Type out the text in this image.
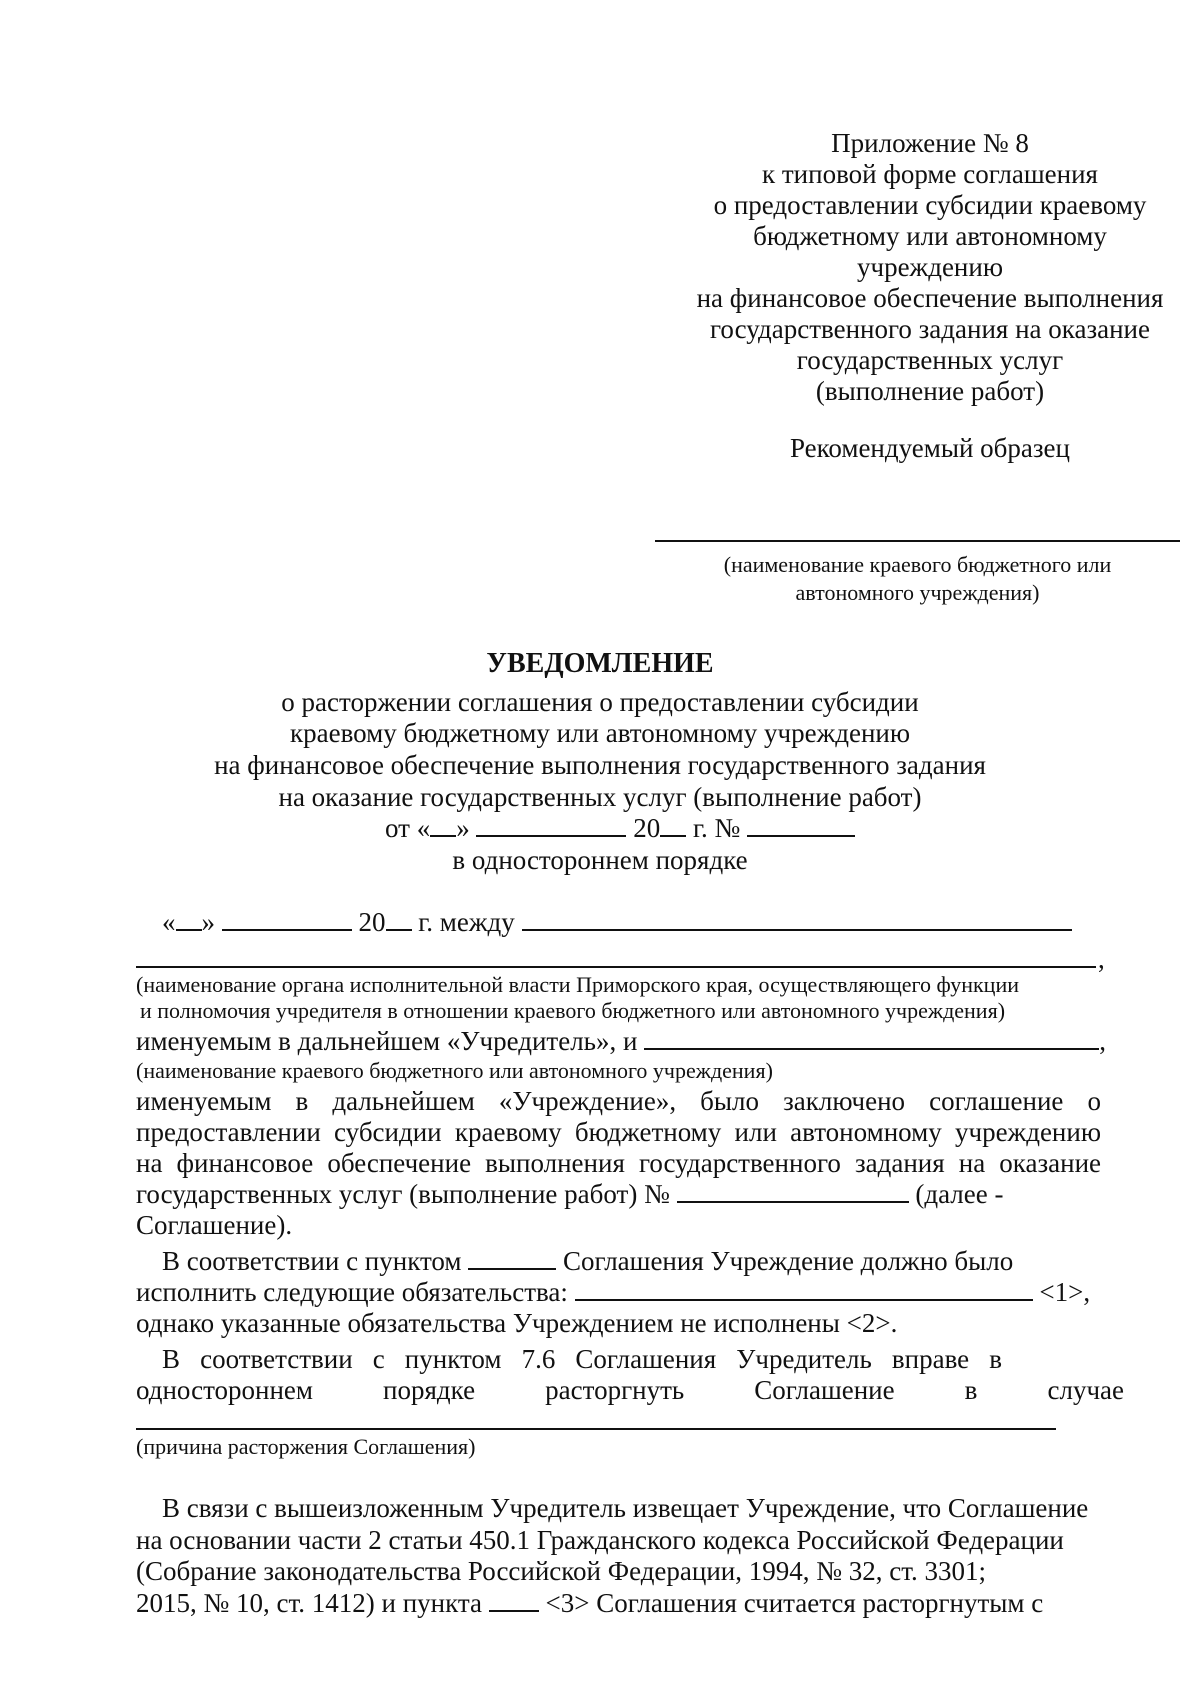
Приложение № 8
к типовой форме соглашения
о предоставлении субсидии краевому
бюджетному или автономному
учреждению
на финансовое обеспечение выполнения
государственного задания на оказание
государственных услуг
(выполнение работ)
Рекомендуемый образец
(наименование краевого бюджетного или
автономного учреждения)
УВЕДОМЛЕНИЕ
о расторжении соглашения о предоставлении субсидии
краевому бюджетному или автономному учреждению
на финансовое обеспечение выполнения государственного задания
на оказание государственных услуг (выполнение работ)
от « »	20 г. №
в одностороннем порядке
« »	20 г. между
,
(наименование органа исполнительной власти Приморского края, осуществляющего функции
и полномочия учредителя в отношении краевого бюджетного или автономного учреждения)
именуемым в дальнейшем «Учредитель», и	,
(наименование краевого бюджетного или автономного учреждения)
именуемым в дальнейшем «Учреждение», было заключено соглашение о
предоставлении субсидии краевому бюджетному или автономному учреждению
на финансовое обеспечение выполнения государственного задания на оказание
государственных услуг (выполнение работ) №	(далее -
Соглашение).
В соответствии с пунктом	Соглашения Учреждение должно было
исполнить следующие обязательства:	<1>,
однако указанные обязательства Учреждением не исполнены <2>.
В соответствии с пунктом 7.6 Соглашения Учредитель вправе в
одностороннем порядке расторгнуть Соглашение в случае
(причина расторжения Соглашения)
В связи с вышеизложенным Учредитель извещает Учреждение, что Соглашение
на основании части 2 статьи 450.1 Гражданского кодекса Российской Федерации
(Собрание законодательства Российской Федерации, 1994, № 32, ст. 3301;
2015, № 10, ст. 1412) и пункта <3> Соглашения считается расторгнутым с
